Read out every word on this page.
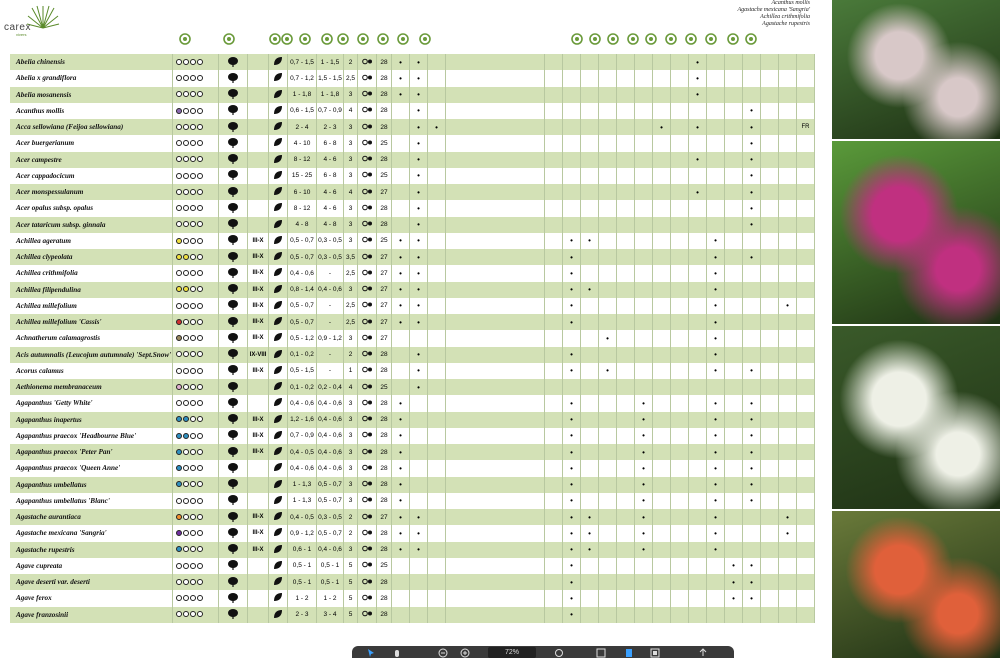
carex
vivers
Acanthus mollis
Agastache mexicana 'Sangria'
Achillea crithmifolia
Agastache rupestris
Abelia chinensis					0,7 - 1,5	1 - 1,5	2		28	•	•											•						
Abelia x grandiflora					0,7 - 1,2	1,5 - 1,5	2,5		28	•	•											•						
Abelia mosanensis					1 - 1,8	1 - 1,8	3		28	•	•											•						
Acanthus mollis					0,6 - 1,5	0,7 - 0,9	4		28		•														•			
Acca sellowiana (Feijoa sellowiana)					2 - 4	2 - 3	3		28		•	•								•		•			•			FR
Acer buergerianum					4 - 10	6 - 8	3		25		•														•			
Acer campestre					8 - 12	4 - 6	3		28		•											•			•			
Acer cappadocicum					15 - 25	6 - 8	3		25		•														•			
Acer monspessulanum					6 - 10	4 - 6	4		27		•											•			•			
Acer opalus subsp. opalus					8 - 12	4 - 6	3		28		•														•			
Acer tataricum subsp. ginnala					4 - 8	4 - 8	3		28		•														•			
Achillea ageratum			III-X		0,5 - 0,7	0,3 - 0,5	3		25	•	•				•	•							•					
Achillea clypeolata			III-X		0,5 - 0,7	0,3 - 0,5	3,5		27	•	•				•								•		•			
Achillea crithmifolia			III-X		0,4 - 0,6	-	2,5		27	•	•				•								•					
Achillea filipendulina			III-X		0,8 - 1,4	0,4 - 0,6	3		27	•	•				•	•							•					
Achillea millefolium			III-X		0,5 - 0,7	-	2,5		27	•	•				•								•				•	
Achillea millefolium 'Cassis'			III-X		0,5 - 0,7	-	2,5		27	•	•				•								•					
Achnatherum calamagrostis			III-X		0,5 - 1,2	0,9 - 1,2	3		27								•						•					
Acis autumnalis (Leucojum autumnale) 'Sept.Snow'			IX-VIII		0,1 - 0,2	-	2		28		•				•								•					
Acorus calamus			III-X		0,5 - 1,5	-	1		28		•				•		•						•		•			
Aethionema membranaceum					0,1 - 0,2	0,2 - 0,4	4		25		•																	
Agapanthus 'Getty White'					0,4 - 0,6	0,4 - 0,6	3		28	•					•				•				•		•			
Agapanthus inapertus			III-X		1,2 - 1,6	0,4 - 0,6	3		28	•					•				•				•		•			
Agapanthus praecox 'Headbourne Blue'			III-X		0,7 - 0,9	0,4 - 0,6	3		28	•					•				•				•		•			
Agapanthus praecox 'Peter Pan'			III-X		0,4 - 0,5	0,4 - 0,6	3		28	•					•				•				•		•			
Agapanthus praecox 'Queen Anne'					0,4 - 0,6	0,4 - 0,6	3		28	•					•				•				•		•			
Agapanthus umbellatus					1 - 1,3	0,5 - 0,7	3		28	•					•				•				•		•			
Agapanthus umbellatus 'Blanc'					1 - 1,3	0,5 - 0,7	3		28	•					•				•				•		•			
Agastache aurantiaca			III-X		0,4 - 0,5	0,3 - 0,5	2		27	•	•				•	•			•				•				•	
Agastache mexicana 'Sangria'			III-X		0,9 - 1,2	0,5 - 0,7	2		28	•	•				•	•			•				•				•	
Agastache rupestris			III-X		0,6 - 1	0,4 - 0,6	3		28	•	•				•	•			•				•					
Agave cupreata					0,5 - 1	0,5 - 1	5		25						•									•	•			
Agave deserti var. deserti					0,5 - 1	0,5 - 1	5		28						•									•	•			
Agave ferox					1 - 2	1 - 2	5		28						•									•	•			
Agave franzosinii					2 - 3	3 - 4	5		28						•													
72%
